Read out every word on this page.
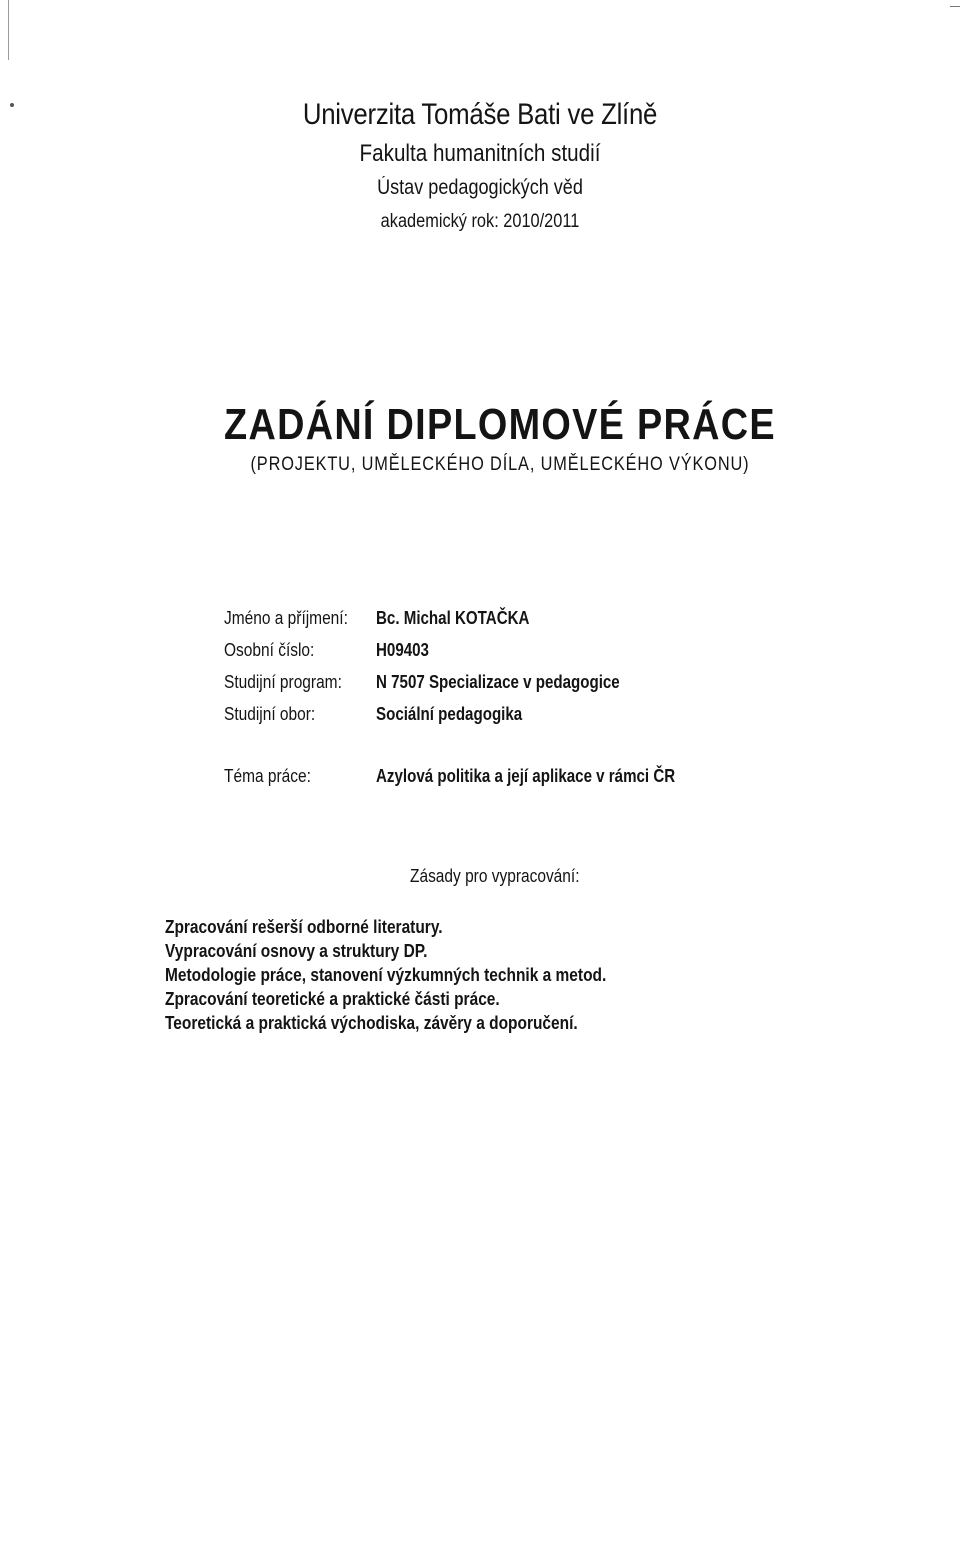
Univerzita Tomáše Bati ve Zlíně
Fakulta humanitních studií
Ústav pedagogických věd
akademický rok: 2010/2011
ZADÁNÍ DIPLOMOVÉ PRÁCE
(PROJEKTU, UMĚLECKÉHO DÍLA, UMĚLECKÉHO VÝKONU)
Jméno a příjmení: Bc. Michal KOTAČKA
Osobní číslo:	H09403
Studijní program: N 7507 Specializace v pedagogice
Studijní obor:	Sociální pedagogika
Téma práce:	Azylová politika a její aplikace v rámci ČR
Zásady pro vypracování:
Zpracování rešerší odborné literatury.
Vypracování osnovy a struktury DP.
Metodologie práce, stanovení výzkumných technik a metod.
Zpracování teoretické a praktické části práce.
Teoretická a praktická východiska, závěry a doporučení.
